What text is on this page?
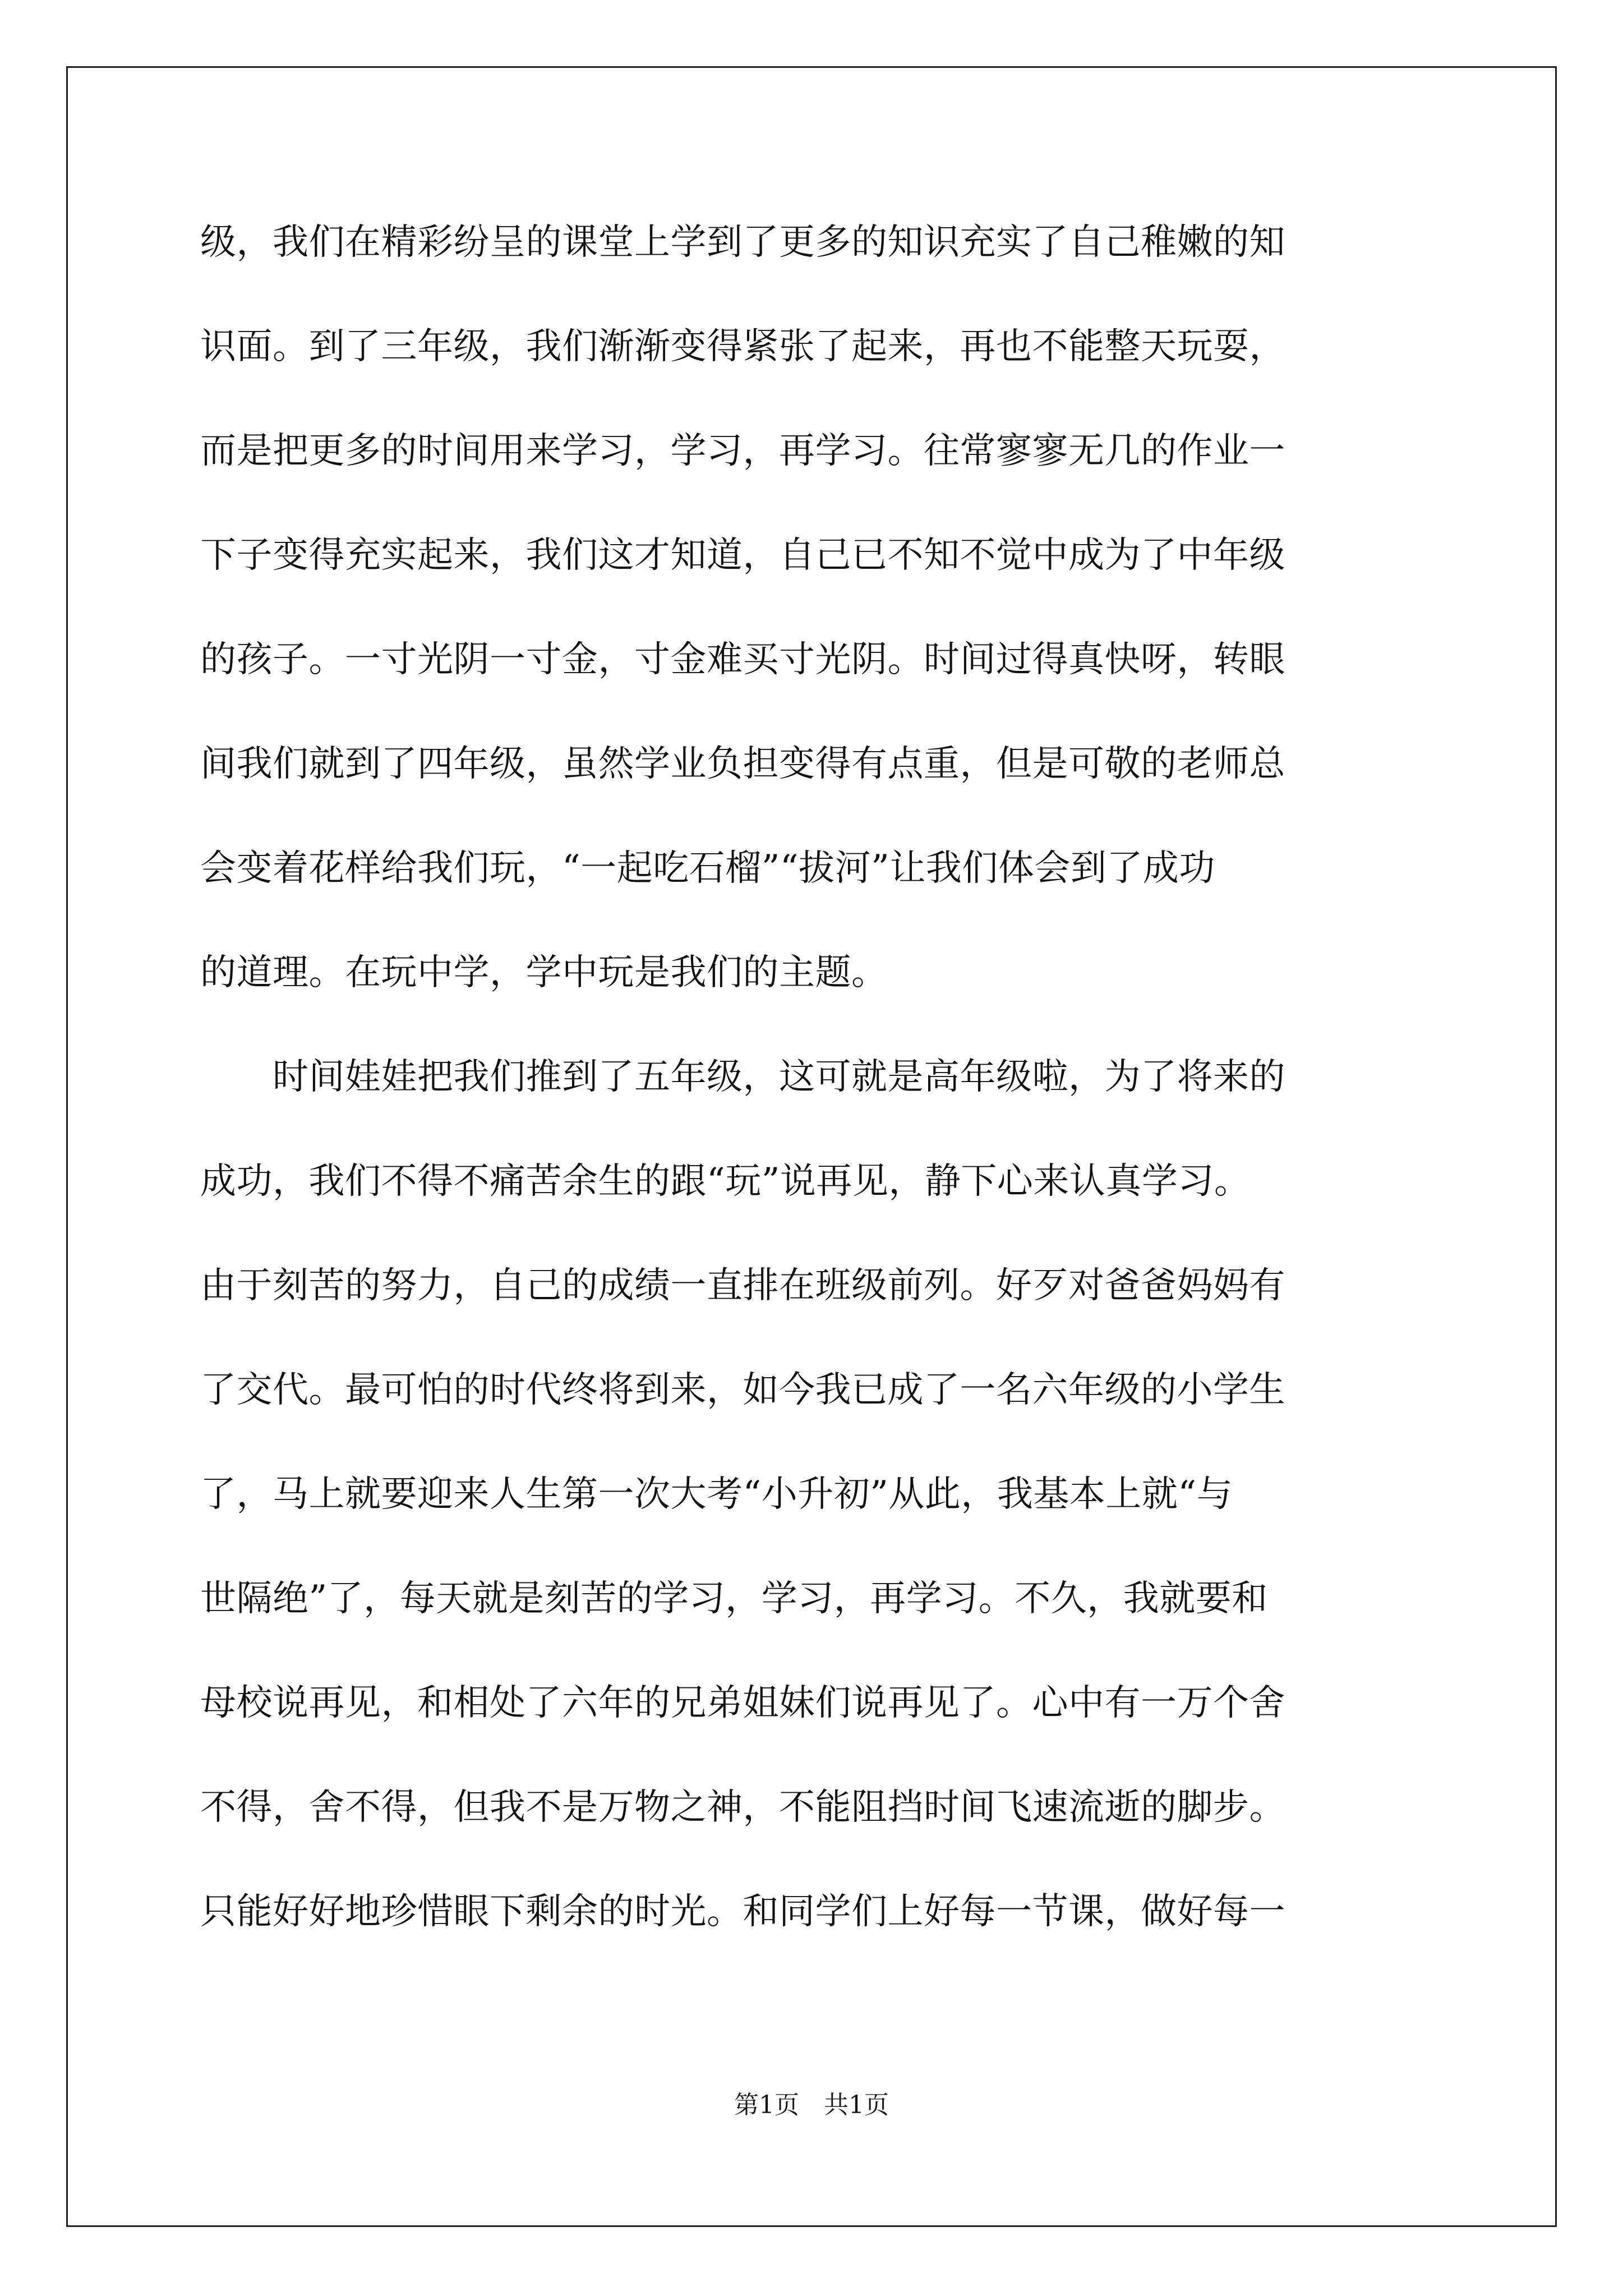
级，我们在精彩纷呈的课堂上学到了更多的知识充实了自己稚嫩的知
识面。到了三年级，我们渐渐变得紧张了起来，再也不能整天玩耍，
而是把更多的时间用来学习，学习，再学习。往常寥寥无几的作业一
下子变得充实起来，我们这才知道，自己已不知不觉中成为了中年级
的孩子。一寸光阴一寸金，寸金难买寸光阴。时间过得真快呀，转眼
间我们就到了四年级，虽然学业负担变得有点重，但是可敬的老师总
会变着花样给我们玩，“一起吃石榴”“拔河”让我们体会到了成功
的道理。在玩中学，学中玩是我们的主题。
　　时间娃娃把我们推到了五年级，这可就是高年级啦，为了将来的
成功，我们不得不痛苦余生的跟“玩”说再见，静下心来认真学习。
由于刻苦的努力，自己的成绩一直排在班级前列。好歹对爸爸妈妈有
了交代。最可怕的时代终将到来，如今我已成了一名六年级的小学生
了，马上就要迎来人生第一次大考“小升初”从此，我基本上就“与
世隔绝”了，每天就是刻苦的学习，学习，再学习。不久，我就要和
母校说再见，和相处了六年的兄弟姐妹们说再见了。心中有一万个舍
不得，舍不得，但我不是万物之神，不能阻挡时间飞速流逝的脚步。
只能好好地珍惜眼下剩余的时光。和同学们上好每一节课，做好每一
第1页　共1页
